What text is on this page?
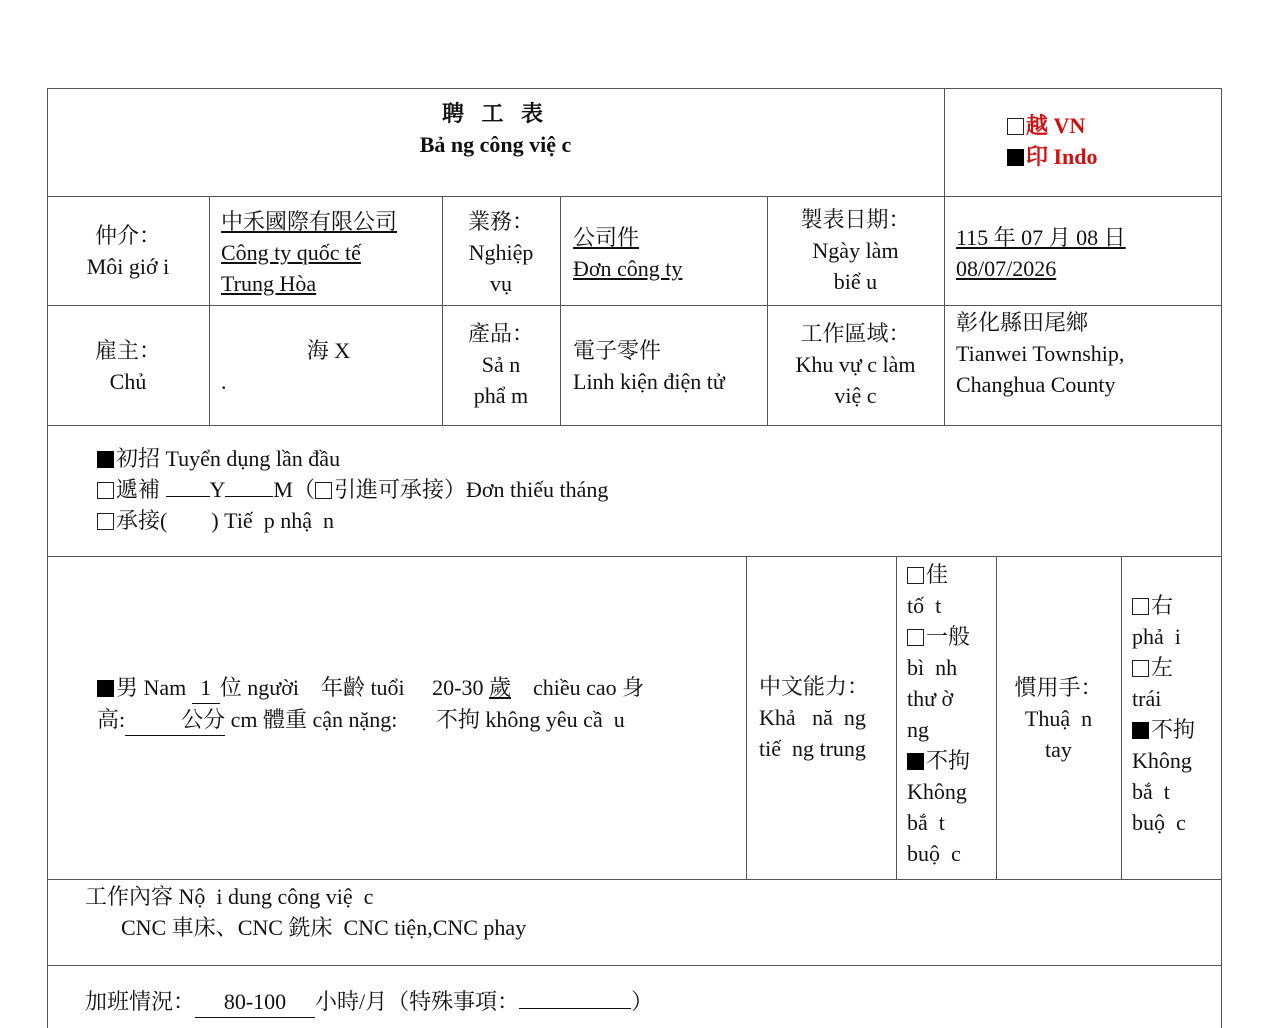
聘 工 表
Bả ng công việ c
越 VN
印 Indo
仲介：
Môi giớ i
中禾國際有限公司
Công ty quốc tế
Trung Hòa
業務：
Nghiệp
vụ
公司件
Đơn công ty
製表日期：
Ngày làm
biể u
115 年 07 月 08 日
08/07/2026
雇主：
Chủ
海 X
.
產品：
Sả n
phẩ m
電子零件
Linh kiện điện tử
工作區域：
Khu vự c làm
việ c
彰化縣田尾鄉
Tianwei Township,
Changhua County
初招 Tuyển dụng lần đầu
遞補 Y M（ 引進可承接）Đơn thiếu tháng
承接(        ) Tiế  p nhậ  n
男 Nam 1 位 người 年齡 tuổi 20-30 歲 chiều cao 身
高:	公分 cm 體重 cận nặng: 不拘 không yêu cầ  u
中文能力：
Khả   nă  ng
tiế  ng trung
佳
tố  t
一般
bì  nh
thư ờ
ng
不拘
Không
bắ  t
buộ  c
慣用手：
Thuậ  n
tay
右
phả  i
左
trái
不拘
Không
bắ  t
buộ  c
工作內容 Nộ  i dung công việ  c
CNC 車床、CNC 銑床  CNC tiện,CNC phay
加班情況： 80-100 小時/月（特殊事項：	）
